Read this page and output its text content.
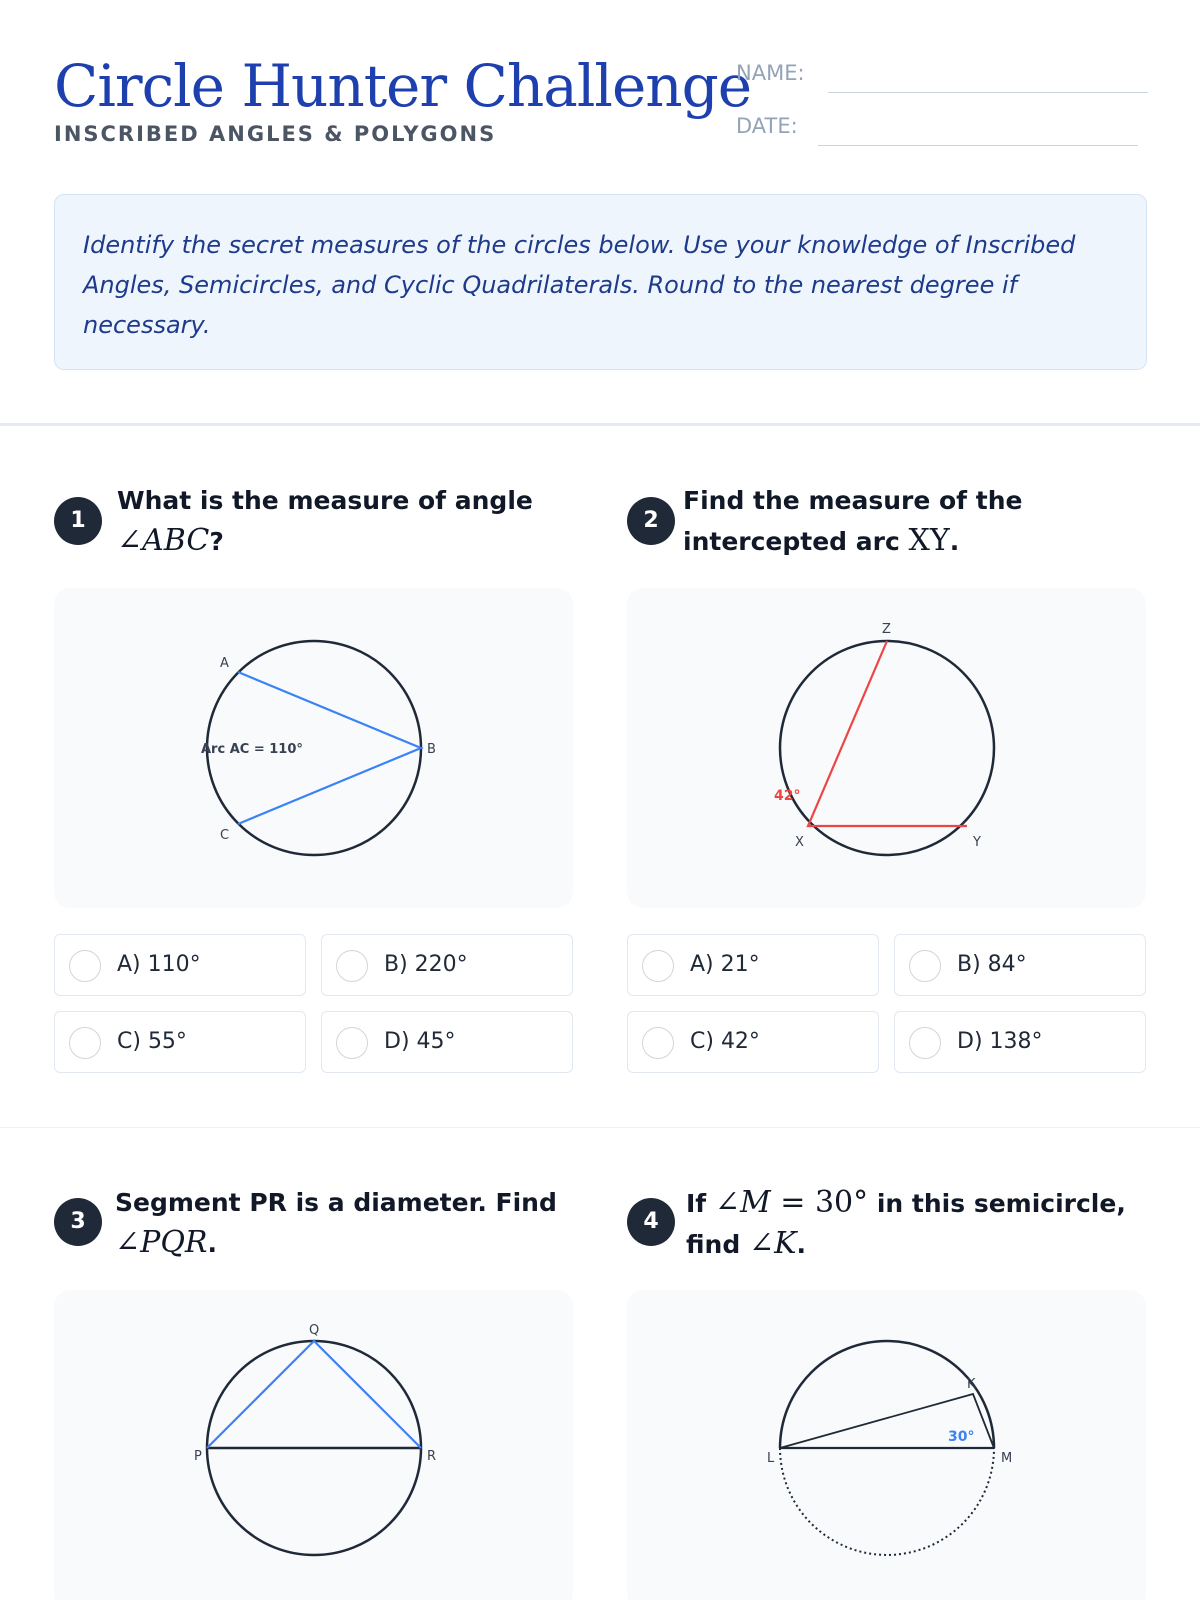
Circle Hunter Challenge
INSCRIBED ANGLES & POLYGONS
NAME:
DATE:
Identify the secret measures of the circles below. Use your knowledge of Inscribed Angles, Semicircles, and Cyclic Quadrilaterals. Round to the nearest degree if necessary.
1
What is the measure of angle ∠ABC?
A
B
C
Arc AC = 110°
A) 110°	B) 220°
C) 55°	D) 45°
2
Find the measure of the intercepted arc XY.
Z
X	Y
42°
A) 21°	B) 84°
C) 42°	D) 138°
3
Segment PR is a diameter. Find ∠PQR.
Q
P	R
4
If ∠M = 30° in this semicircle, find ∠K.
K
L	M
30°
